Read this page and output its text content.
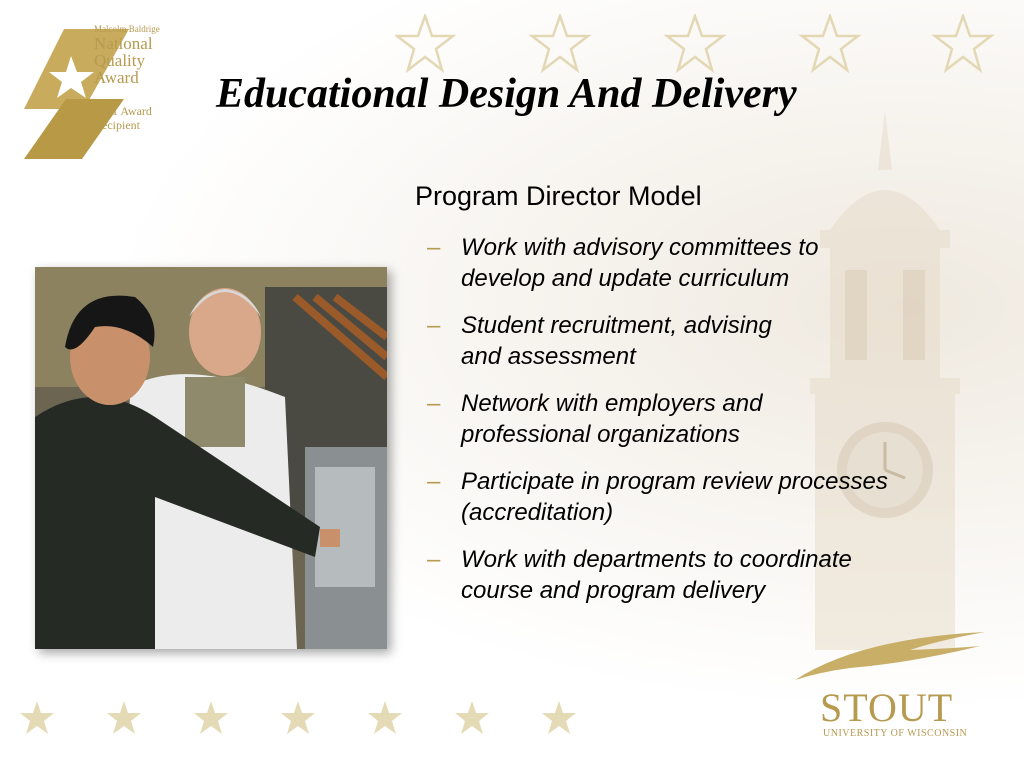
Malcolm Baldrige
National
Quality
Award
2001 Award
Recipient
Educational Design And Delivery

Program Director Model

– Work with advisory committees to
develop and update curriculum
– Student recruitment, advising
and assessment
– Network with employers and
professional organizations
– Participate in program review processes
(accreditation)
– Work with departments to coordinate
course and program delivery
STOUT
UNIVERSITY OF WISCONSIN
